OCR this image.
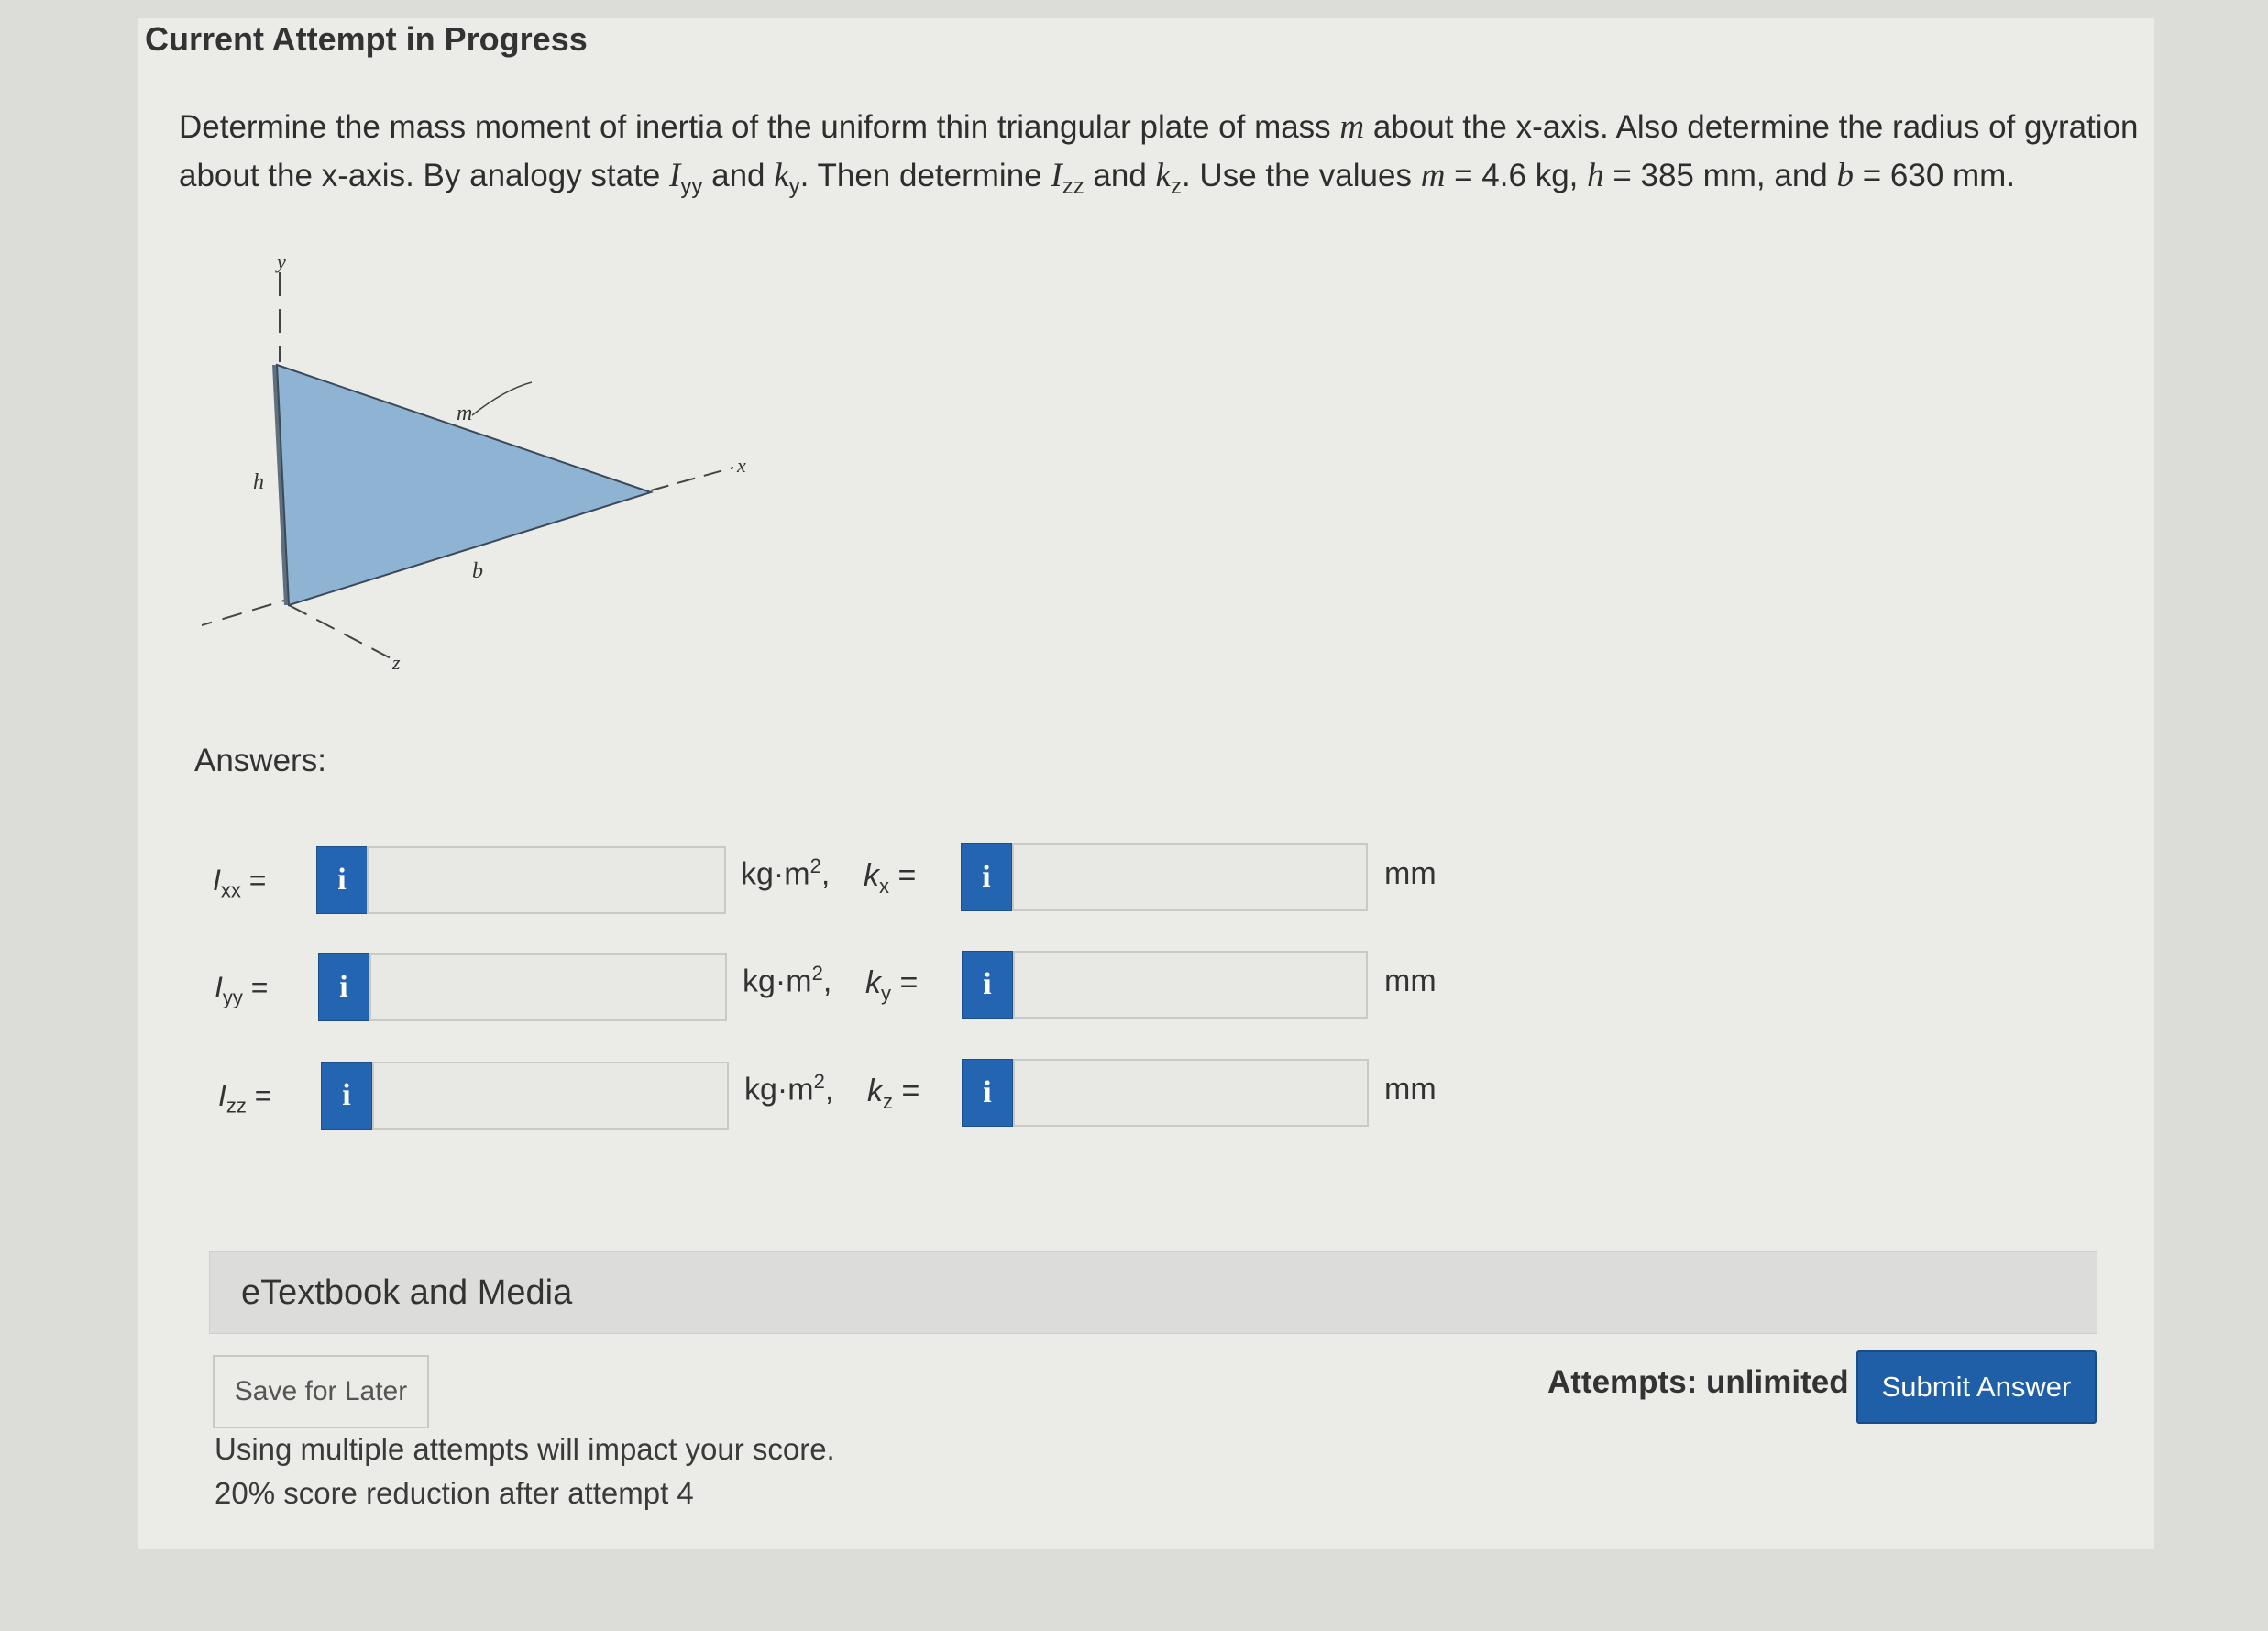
Current Attempt in Progress
Determine the mass moment of inertia of the uniform thin triangular plate of mass m about the x-axis. Also determine the radius of gyration about the x-axis. By analogy state $I_{yy}$ and $k_y$. Then determine $I_{zz}$ and $k_z$. Use the values m = 4.6 kg, h = 385 mm, and b = 630 mm.
y
x
z
h
b
m
Answers:
$I_{xx}$ =	i	$kg\cdot m^2$, $k_x$ =	i	mm
$I_{yy}$ =	i	$kg\cdot m^2$, $k_y$ =	i	mm
$I_{zz}$ =	i	$kg\cdot m^2$, $k_z$ =	i	mm
eTextbook and Media
Save for Later
Using multiple attempts will impact your score.
20% score reduction after attempt 4
Attempts: unlimited	Submit Answer
